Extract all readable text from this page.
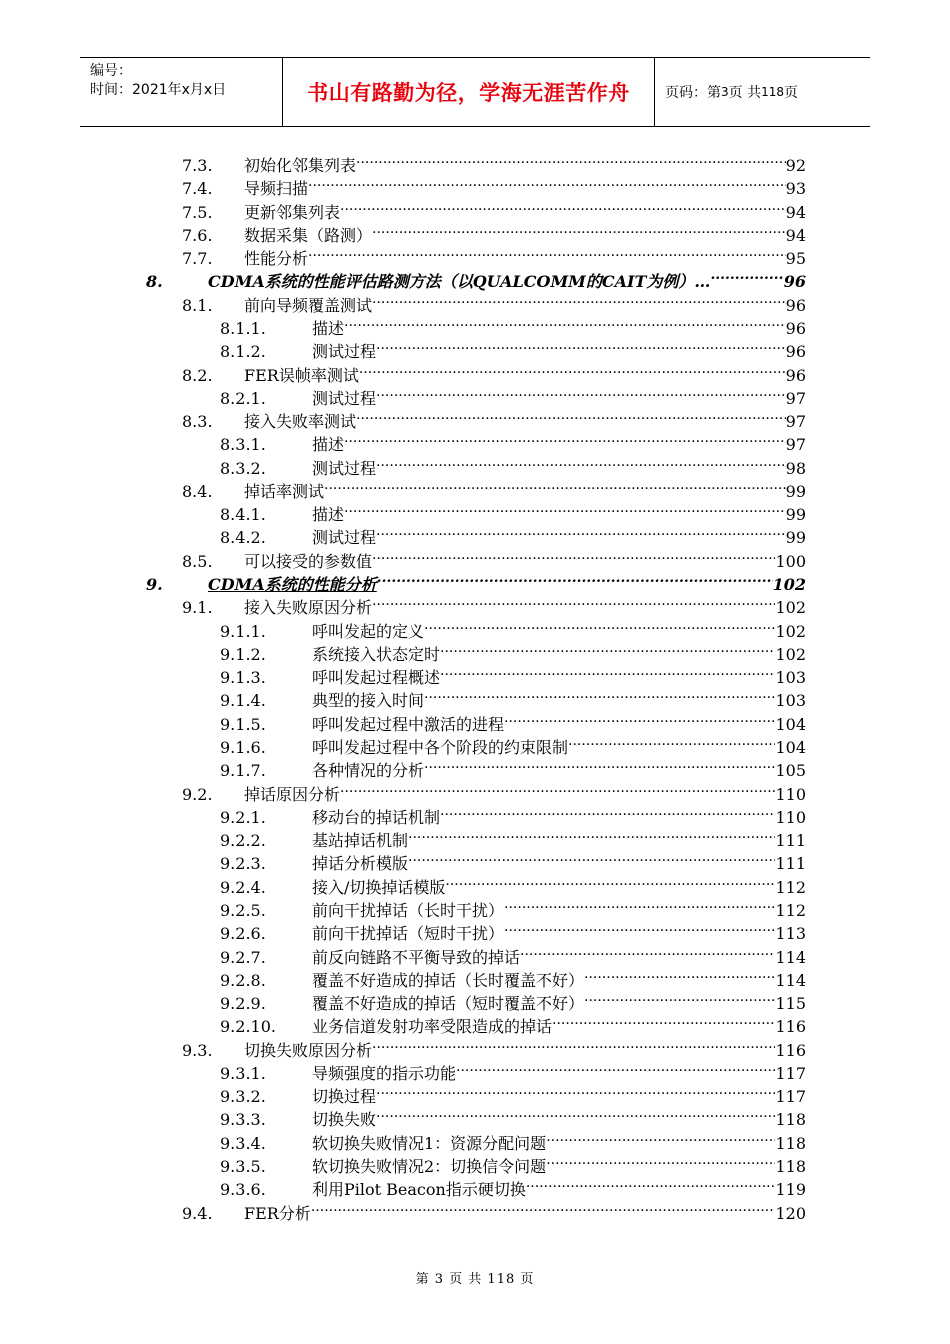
编号：
时间：2021年x月x日	书山有路勤为径，学海无涯苦作舟	页码：第 3 页 共 118 页
7.3.	初始化邻集列表 .....	92
7.4.	导频扫描 .....	93
7.5.	更新邻集列表 .....	94
7.6.	数据采集（路测） .....	94
7.7.	性能分析 .....	95
8.	CDMA系统的性能评估路测方法（以QUALCOMM的CAIT为例）… .....	96
8.1.	前向导频覆盖测试 .....	96
8.1.1.	描述 .....	96
8.1.2.	测试过程 .....	96
8.2.	FER误帧率测试 .....	96
8.2.1.	测试过程 .....	97
8.3.	接入失败率测试 .....	97
8.3.1.	描述 .....	97
8.3.2.	测试过程 .....	98
8.4.	掉话率测试 .....	99
8.4.1.	描述 .....	99
8.4.2.	测试过程 .....	99
8.5.	可以接受的参数值 .....	100
9.	CDMA系统的性能分析 .....	102
9.1.	接入失败原因分析 .....	102
9.1.1.	呼叫发起的定义 .....	102
9.1.2.	系统接入状态定时 .....	102
9.1.3.	呼叫发起过程概述 .....	103
9.1.4.	典型的接入时间 .....	103
9.1.5.	呼叫发起过程中激活的进程 .....	104
9.1.6.	呼叫发起过程中各个阶段的约束限制 .....	104
9.1.7.	各种情况的分析 .....	105
9.2.	掉话原因分析 .....	110
9.2.1.	移动台的掉话机制 .....	110
9.2.2.	基站掉话机制 .....	111
9.2.3.	掉话分析模版 .....	111
9.2.4.	接入/切换掉话模版 .....	112
9.2.5.	前向干扰掉话（长时干扰） .....	112
9.2.6.	前向干扰掉话（短时干扰） .....	113
9.2.7.	前反向链路不平衡导致的掉话 .....	114
9.2.8.	覆盖不好造成的掉话（长时覆盖不好） .....	114
9.2.9.	覆盖不好造成的掉话（短时覆盖不好） .....	115
9.2.10.	业务信道发射功率受限造成的掉话 .....	116
9.3.	切换失败原因分析 .....	116
9.3.1.	导频强度的指示功能 .....	117
9.3.2.	切换过程 .....	117
9.3.3.	切换失败 .....	118
9.3.4.	软切换失败情况1：资源分配问题 .....	118
9.3.5.	软切换失败情况2：切换信令问题 .....	118
9.3.6.	利用Pilot Beacon指示硬切换 .....	119
9.4.	FER分析 .....	120
第 3 页 共 118 页
